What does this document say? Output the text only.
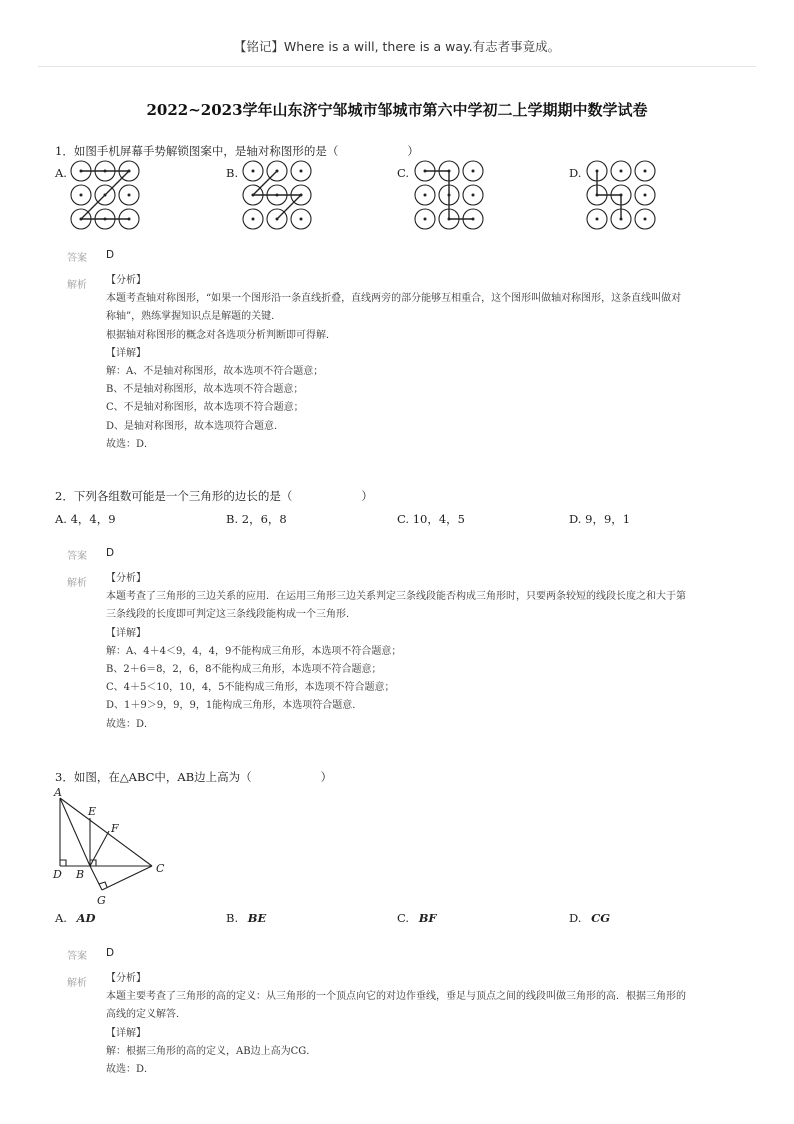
【铭记】Where is a will, there is a way.有志者事竟成。
2022~2023学年山东济宁邹城市邹城市第六中学初二上学期期中数学试卷
1．如图手机屏幕手势解锁图案中，是轴对称图形的是（　　　　　　）
A.	B.	C.	D.
答案 D
解析 【分析】
本题考查轴对称图形，“如果一个图形沿一条直线折叠，直线两旁的部分能够互相重合，这个图形叫做轴对称图形，这条直线叫做对
称轴”，熟练掌握知识点是解题的关键．
根据轴对称图形的概念对各选项分析判断即可得解．
【详解】
解：A、不是轴对称图形，故本选项不符合题意；
B、不是轴对称图形，故本选项不符合题意；
C、不是轴对称图形，故本选项不符合题意；
D、是轴对称图形，故本选项符合题意．
故选：D．
2．下列各组数可能是一个三角形的边长的是（　　　　　　）
A. 4，4，9	B. 2，6，8	C. 10，4，5	D. 9，9，1
答案 D
解析 【分析】
本题考查了三角形的三边关系的应用．在运用三角形三边关系判定三条线段能否构成三角形时，只要两条较短的线段长度之和大于第
三条线段的长度即可判定这三条线段能构成一个三角形．
【详解】
解：A、4＋4＜9，4，4，9不能构成三角形，本选项不符合题意；
B、2＋6＝8，2，6，8不能构成三角形，本选项不符合题意；
C、4＋5＜10，10，4，5不能构成三角形，本选项不符合题意；
D、1＋9＞9，9，9，1能构成三角形，本选项符合题意．
故选：D．
3．如图，在△ABC中，AB边上高为（　　　　　　）
A
E
F
D B	C
G
A. AD	B. BE	C. BF	D. CG
答案 D
解析 【分析】
本题主要考查了三角形的高的定义：从三角形的一个顶点向它的对边作垂线，垂足与顶点之间的线段叫做三角形的高．根据三角形的
高线的定义解答．
【详解】
解：根据三角形的高的定义，AB边上高为CG．
故选：D．
